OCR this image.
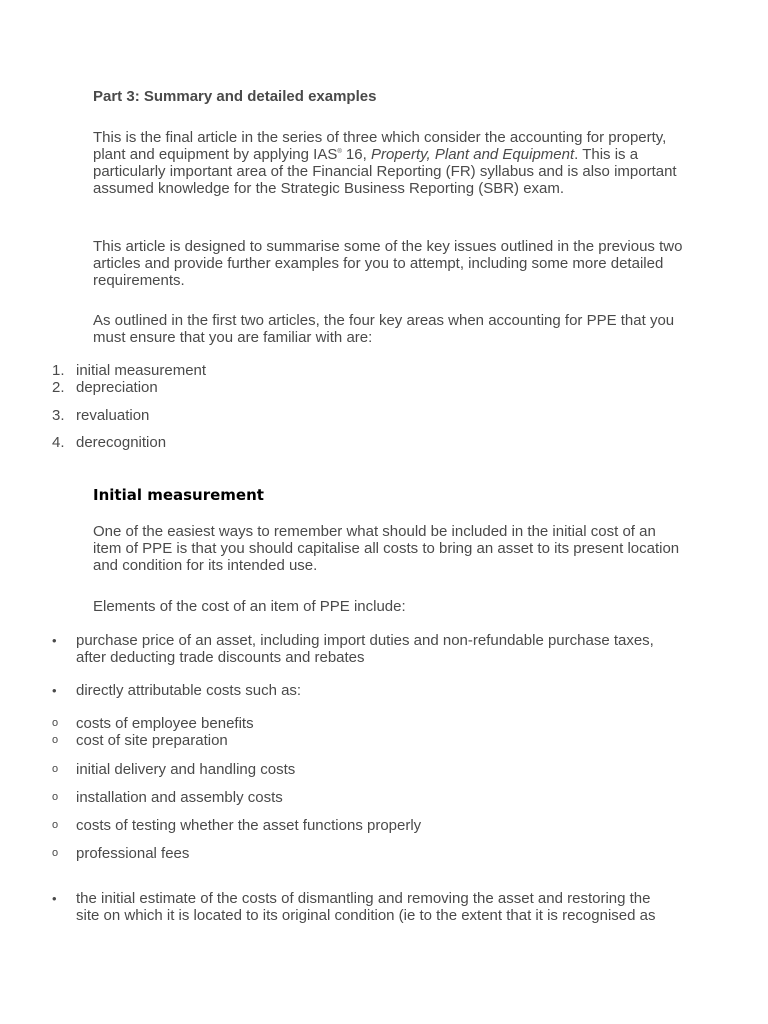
Part 3: Summary and detailed examples

This is the final article in the series of three which consider the accounting for property, plant and equipment by applying IAS® 16, Property, Plant and Equipment. This is a particularly important area of the Financial Reporting (FR) syllabus and is also important assumed knowledge for the Strategic Business Reporting (SBR) exam.

This article is designed to summarise some of the key issues outlined in the previous two articles and provide further examples for you to attempt, including some more detailed requirements.

As outlined in the first two articles, the four key areas when accounting for PPE that you must ensure that you are familiar with are:

1. initial measurement
2. depreciation
3. revaluation
4. derecognition

Initial measurement

One of the easiest ways to remember what should be included in the initial cost of an item of PPE is that you should capitalise all costs to bring an asset to its present location and condition for its intended use.

Elements of the cost of an item of PPE include:

•	purchase price of an asset, including import duties and non-refundable purchase taxes, after deducting trade discounts and rebates
•	directly attributable costs such as:
o	costs of employee benefits
o	cost of site preparation
o	initial delivery and handling costs
o	installation and assembly costs
o	costs of testing whether the asset functions properly
o	professional fees
•	the initial estimate of the costs of dismantling and removing the asset and restoring the site on which it is located to its original condition (ie to the extent that it is recognised as
